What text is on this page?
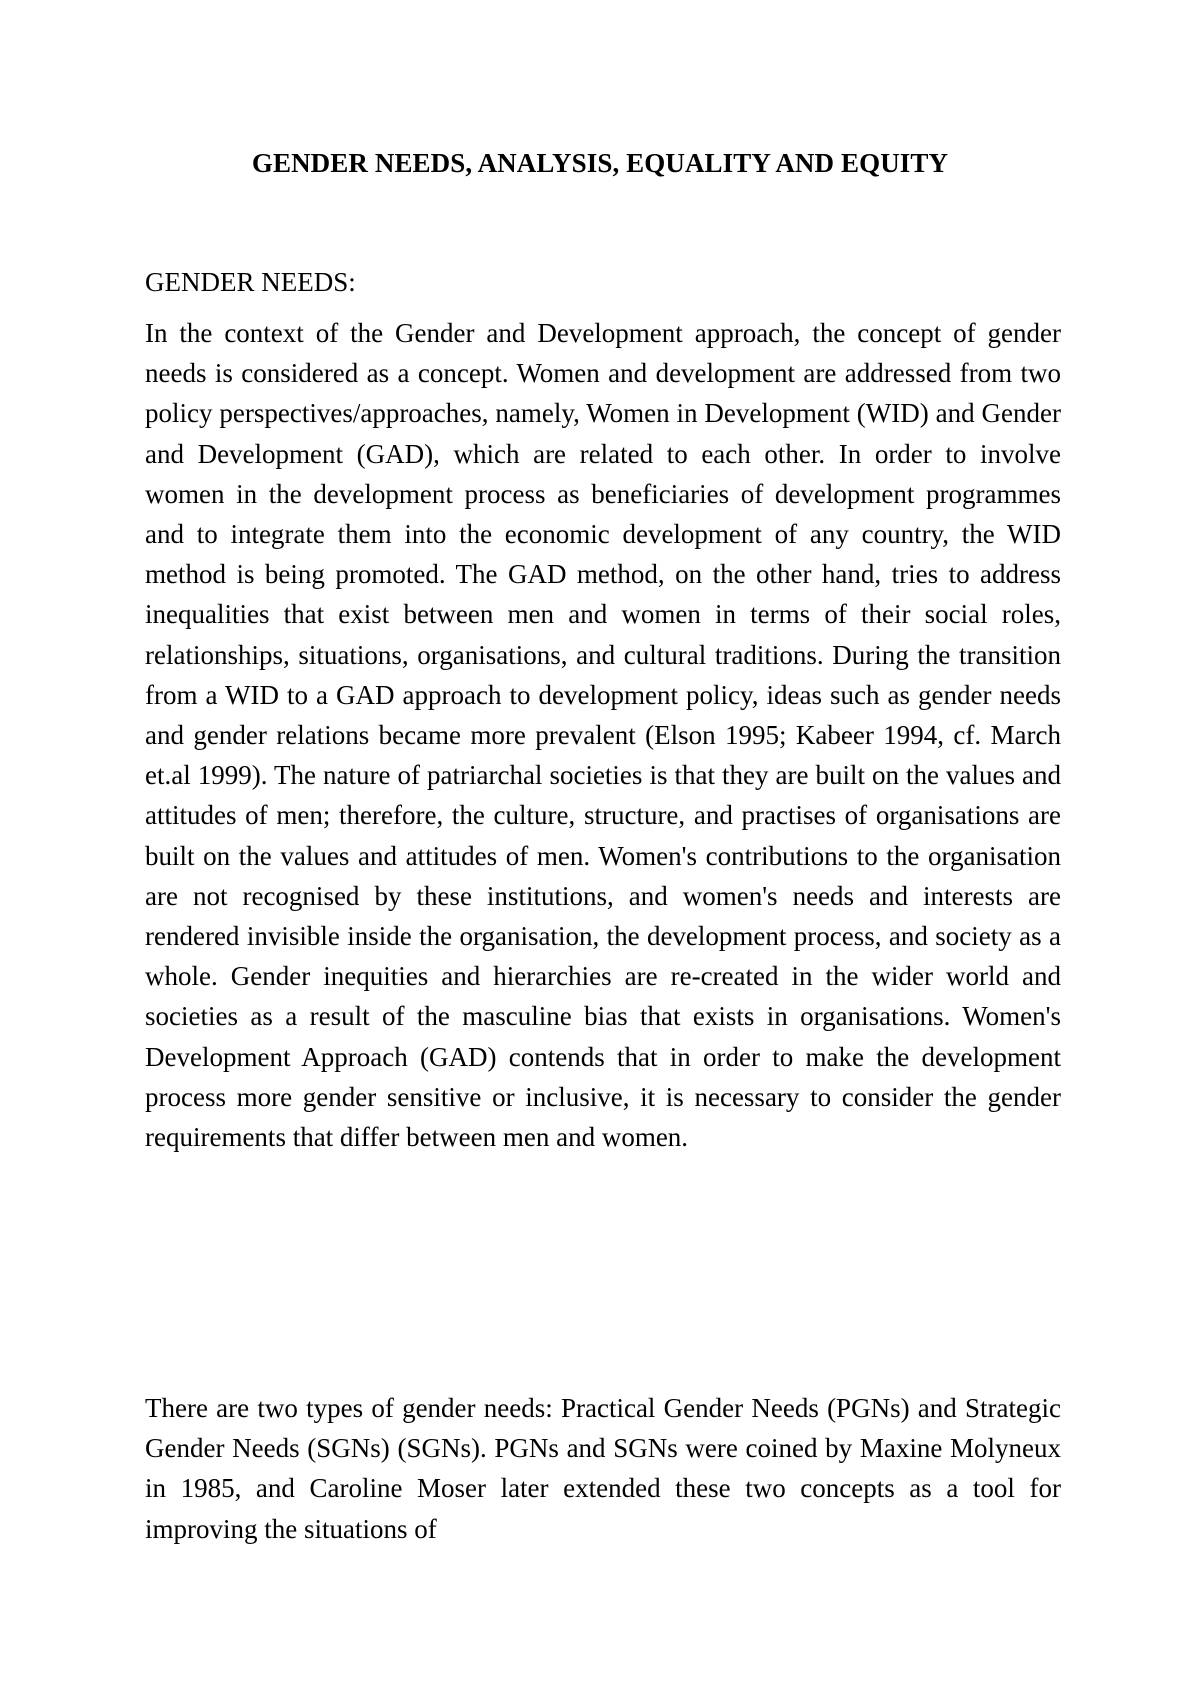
GENDER NEEDS, ANALYSIS, EQUALITY AND EQUITY

GENDER NEEDS:

In the context of the Gender and Development approach, the concept of gender needs is considered as a concept. Women and development are addressed from two policy perspectives/approaches, namely, Women in Development (WID) and Gender and Development (GAD), which are related to each other. In order to involve women in the development process as beneficiaries of development programmes and to integrate them into the economic development of any country, the WID method is being promoted. The GAD method, on the other hand, tries to address inequalities that exist between men and women in terms of their social roles, relationships, situations, organisations, and cultural traditions. During the transition from a WID to a GAD approach to development policy, ideas such as gender needs and gender relations became more prevalent (Elson 1995; Kabeer 1994, cf. March et.al 1999). The nature of patriarchal societies is that they are built on the values and attitudes of men; therefore, the culture, structure, and practises of organisations are built on the values and attitudes of men. Women's contributions to the organisation are not recognised by these institutions, and women's needs and interests are rendered invisible inside the organisation, the development process, and society as a whole. Gender inequities and hierarchies are re-created in the wider world and societies as a result of the masculine bias that exists in organisations. Women's Development Approach (GAD) contends that in order to make the development process more gender sensitive or inclusive, it is necessary to consider the gender requirements that differ between men and women.

There are two types of gender needs: Practical Gender Needs (PGNs) and Strategic Gender Needs (SGNs) (SGNs). PGNs and SGNs were coined by Maxine Molyneux in 1985, and Caroline Moser later extended these two concepts as a tool for improving the situations of
